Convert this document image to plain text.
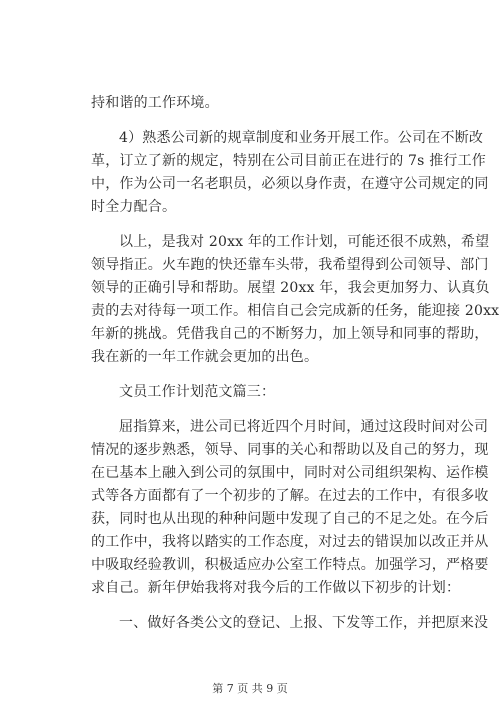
持和谐的工作环境。
4）熟悉公司新的规章制度和业务开展工作。公司在不断改
革，订立了新的规定，特别在公司目前正在进行的 7s 推行工作
中，作为公司一名老职员，必须以身作责，在遵守公司规定的同
时全力配合。
以上，是我对 20xx 年的工作计划，可能还很不成熟，希望
领导指正。火车跑的快还靠车头带，我希望得到公司领导、部门
领导的正确引导和帮助。展望 20xx 年，我会更加努力、认真负
责的去对待每一项工作。相信自己会完成新的任务，能迎接 20xx
年新的挑战。凭借我自己的不断努力，加上领导和同事的帮助，
我在新的一年工作就会更加的出色。
文员工作计划范文篇三：
屈指算来，进公司已将近四个月时间，通过这段时间对公司
情况的逐步熟悉，领导、同事的关心和帮助以及自己的努力，现
在已基本上融入到公司的氛围中，同时对公司组织架构、运作模
式等各方面都有了一个初步的了解。在过去的工作中，有很多收
获，同时也从出现的种种问题中发现了自己的不足之处。在今后
的工作中，我将以踏实的工作态度，对过去的错误加以改正并从
中吸取经验教训，积极适应办公室工作特点。加强学习，严格要
求自己。新年伊始我将对我今后的工作做以下初步的计划：
一、做好各类公文的登记、上报、下发等工作，并把原来没
第 7 页 共 9 页
